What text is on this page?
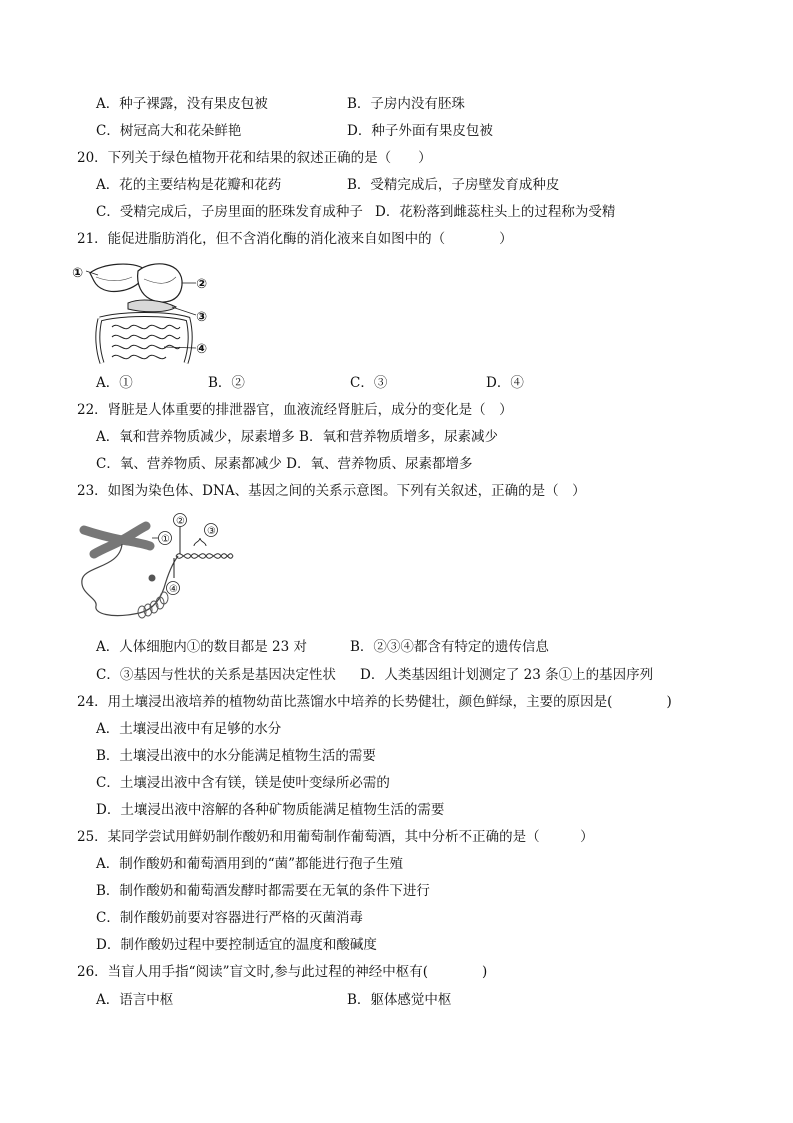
A．种子裸露，没有果皮包被	B．子房内没有胚珠
C．树冠高大和花朵鲜艳	D．种子外面有果皮包被
20．下列关于绿色植物开花和结果的叙述正确的是（　　）
A．花的主要结构是花瓣和花药	B．受精完成后，子房壁发育成种皮
C．受精完成后，子房里面的胚珠发育成种子 D．花粉落到雌蕊柱头上的过程称为受精
21．能促进脂肪消化，但不含消化酶的消化液来自如图中的（　　　　）
①
②
③
④
A．①	B．②	C．③	D．④
22．肾脏是人体重要的排泄器官，血液流经肾脏后，成分的变化是（　）
A．氧和营养物质减少，尿素增多 B．氧和营养物质增多，尿素减少
C．氧、营养物质、尿素都减少 D．氧、营养物质、尿素都增多
23．如图为染色体、DNA、基因之间的关系示意图。下列有关叙述，正确的是（　）
①
②
③
④
A．人体细胞内①的数目都是 23 对	B．②③④都含有特定的遗传信息
C．③基因与性状的关系是基因决定性状 D．人类基因组计划测定了 23 条①上的基因序列
24．用土壤浸出液培养的植物幼苗比蒸馏水中培养的长势健壮，颜色鲜绿，主要的原因是(　　　　)
A．土壤浸出液中有足够的水分
B．土壤浸出液中的水分能满足植物生活的需要
C．土壤浸出液中含有镁，镁是使叶变绿所必需的
D．土壤浸出液中溶解的各种矿物质能满足植物生活的需要
25．某同学尝试用鲜奶制作酸奶和用葡萄制作葡萄酒，其中分析不正确的是（　　　）
A．制作酸奶和葡萄酒用到的“菌”都能进行孢子生殖
B．制作酸奶和葡萄酒发酵时都需要在无氧的条件下进行
C．制作酸奶前要对容器进行严格的灭菌消毒
D．制作酸奶过程中要控制适宜的温度和酸碱度
26．当盲人用手指“阅读”盲文时,参与此过程的神经中枢有(　　　　)
A．语言中枢	B．躯体感觉中枢
